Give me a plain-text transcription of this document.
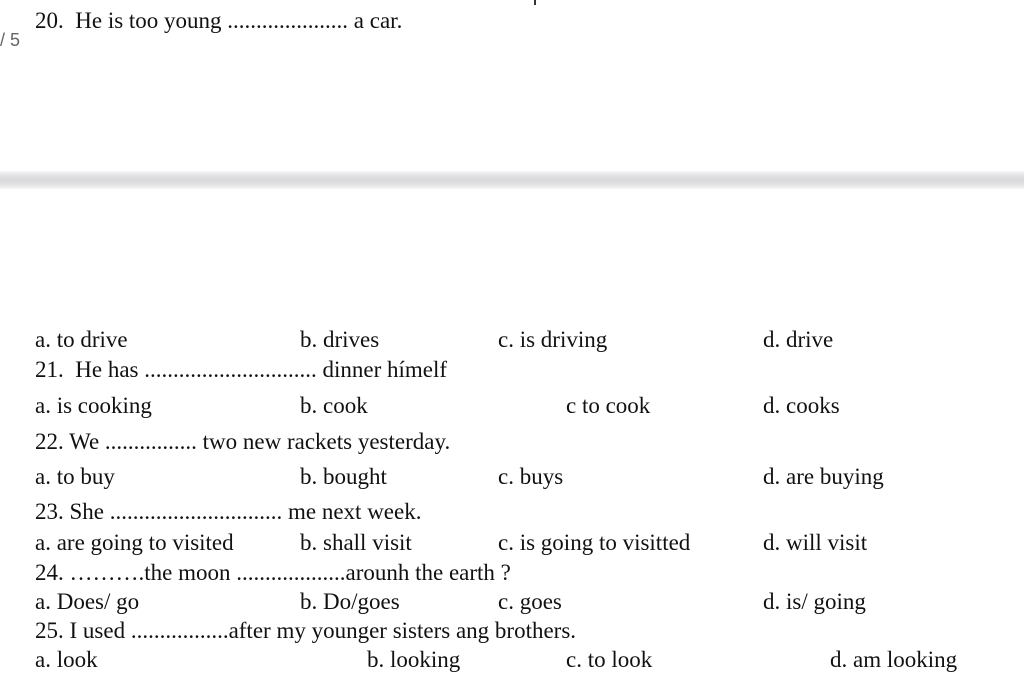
/ 5
20.  He is too young ..................... a car.
a. to drive	b. drives	c. is driving	d. drive
21.  He has .............................. dinner hímelf
a. is cooking	b. cook	c to cook	d. cooks
22. We ................ two new rackets yesterday.
a. to buy	b. bought	c. buys	d. are buying
23. She .............................. me next week.
a. are going to visited	b. shall visit	c. is going to visitted	d. will visit
24. ……….the moon ...................arounh the earth ?
a. Does/ go	b. Do/goes	c. goes	d. is/ going
25. I used .................after my younger sisters ang brothers.
a. look	b. looking	c. to look	d. am looking
